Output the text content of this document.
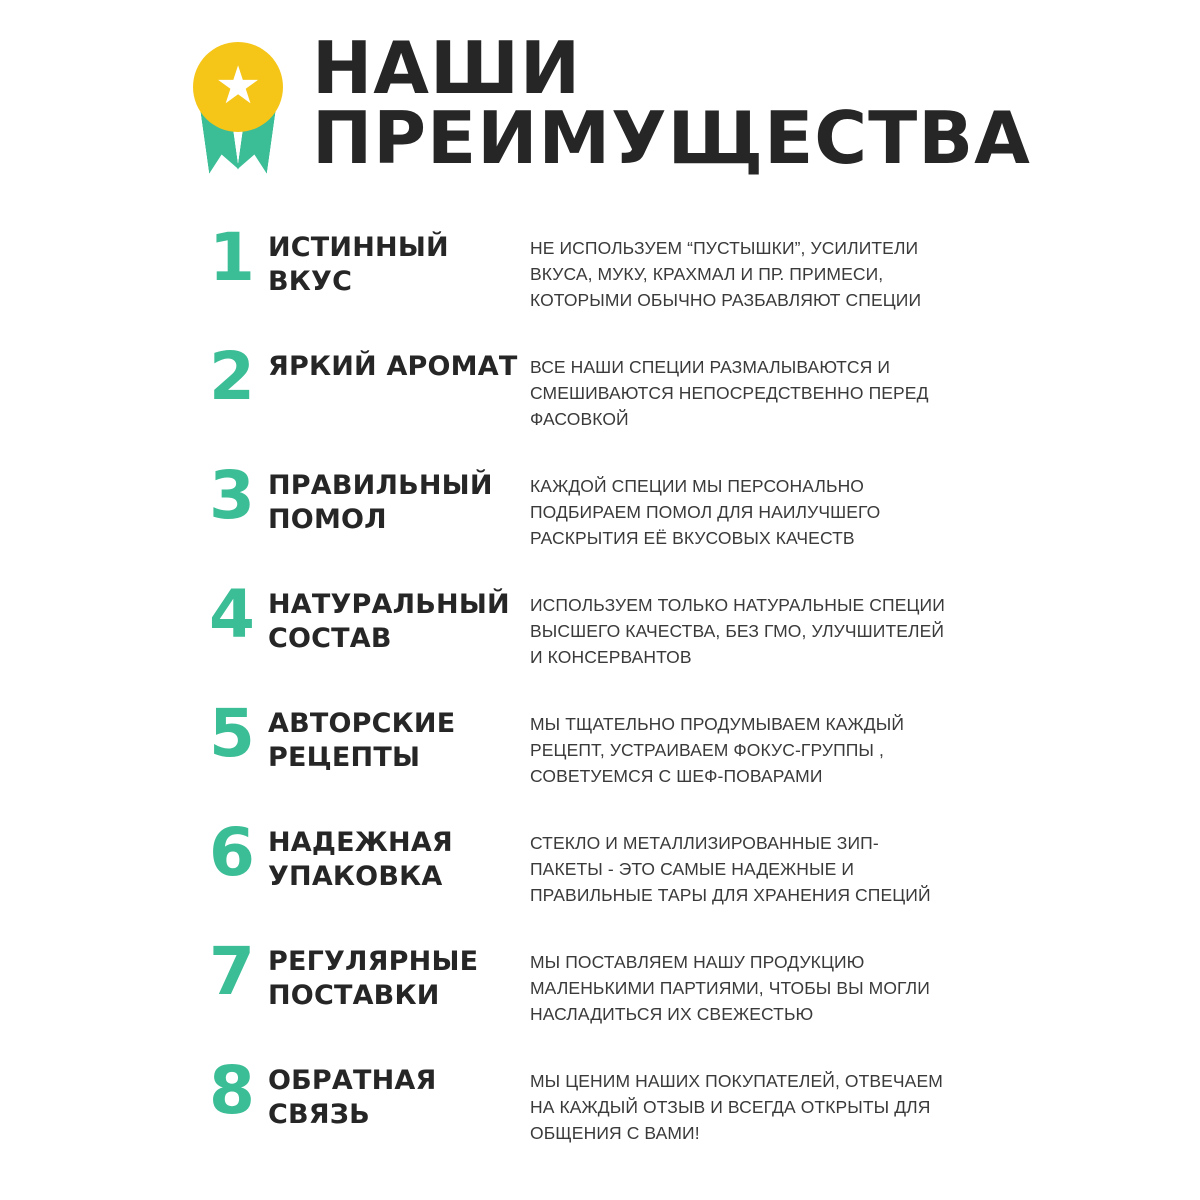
★ НАШИ
ПРЕИМУЩЕСТВА
1 ИСТИННЫЙ ВКУС
НЕ ИСПОЛЬЗУЕМ “ПУСТЫШКИ”, УСИЛИТЕЛИ ВКУСА, МУКУ, КРАХМАЛ И ПР. ПРИМЕСИ, КОТОРЫМИ ОБЫЧНО РАЗБАВЛЯЮТ СПЕЦИИ
2 ЯРКИЙ АРОМАТ ВСЕ НАШИ СПЕЦИИ РАЗМАЛЫВАЮТСЯ И СМЕШИВАЮТСЯ НЕПОСРЕДСТВЕННО ПЕРЕД ФАСОВКОЙ
3 ПРАВИЛЬНЫЙ ПОМОЛ
КАЖДОЙ СПЕЦИИ МЫ ПЕРСОНАЛЬНО ПОДБИРАЕМ ПОМОЛ ДЛЯ НАИЛУЧШЕГО РАСКРЫТИЯ ЕЁ ВКУСОВЫХ КАЧЕСТВ
4 НАТУРАЛЬНЫЙ СОСТАВ
ИСПОЛЬЗУЕМ ТОЛЬКО НАТУРАЛЬНЫЕ СПЕЦИИ ВЫСШЕГО КАЧЕСТВА, БЕЗ ГМО, УЛУЧШИТЕЛЕЙ И КОНСЕРВАНТОВ
5 АВТОРСКИЕ РЕЦЕПТЫ
МЫ ТЩАТЕЛЬНО ПРОДУМЫВАЕМ КАЖДЫЙ РЕЦЕПТ, УСТРАИВАЕМ ФОКУС-ГРУППЫ , СОВЕТУЕМСЯ С ШЕФ-ПОВАРАМИ
6 НАДЕЖНАЯ УПАКОВКА
СТЕКЛО И МЕТАЛЛИЗИРОВАННЫЕ ЗИП-ПАКЕТЫ - ЭТО САМЫЕ НАДЕЖНЫЕ И ПРАВИЛЬНЫЕ ТАРЫ ДЛЯ ХРАНЕНИЯ СПЕЦИЙ
7 РЕГУЛЯРНЫЕ ПОСТАВКИ
МЫ ПОСТАВЛЯЕМ НАШУ ПРОДУКЦИЮ МАЛЕНЬКИМИ ПАРТИЯМИ, ЧТОБЫ ВЫ МОГЛИ НАСЛАДИТЬСЯ ИХ СВЕЖЕСТЬЮ
8 ОБРАТНАЯ СВЯЗЬ
МЫ ЦЕНИМ НАШИХ ПОКУПАТЕЛЕЙ, ОТВЕЧАЕМ НА КАЖДЫЙ ОТЗЫВ И ВСЕГДА ОТКРЫТЫ ДЛЯ ОБЩЕНИЯ С ВАМИ!
